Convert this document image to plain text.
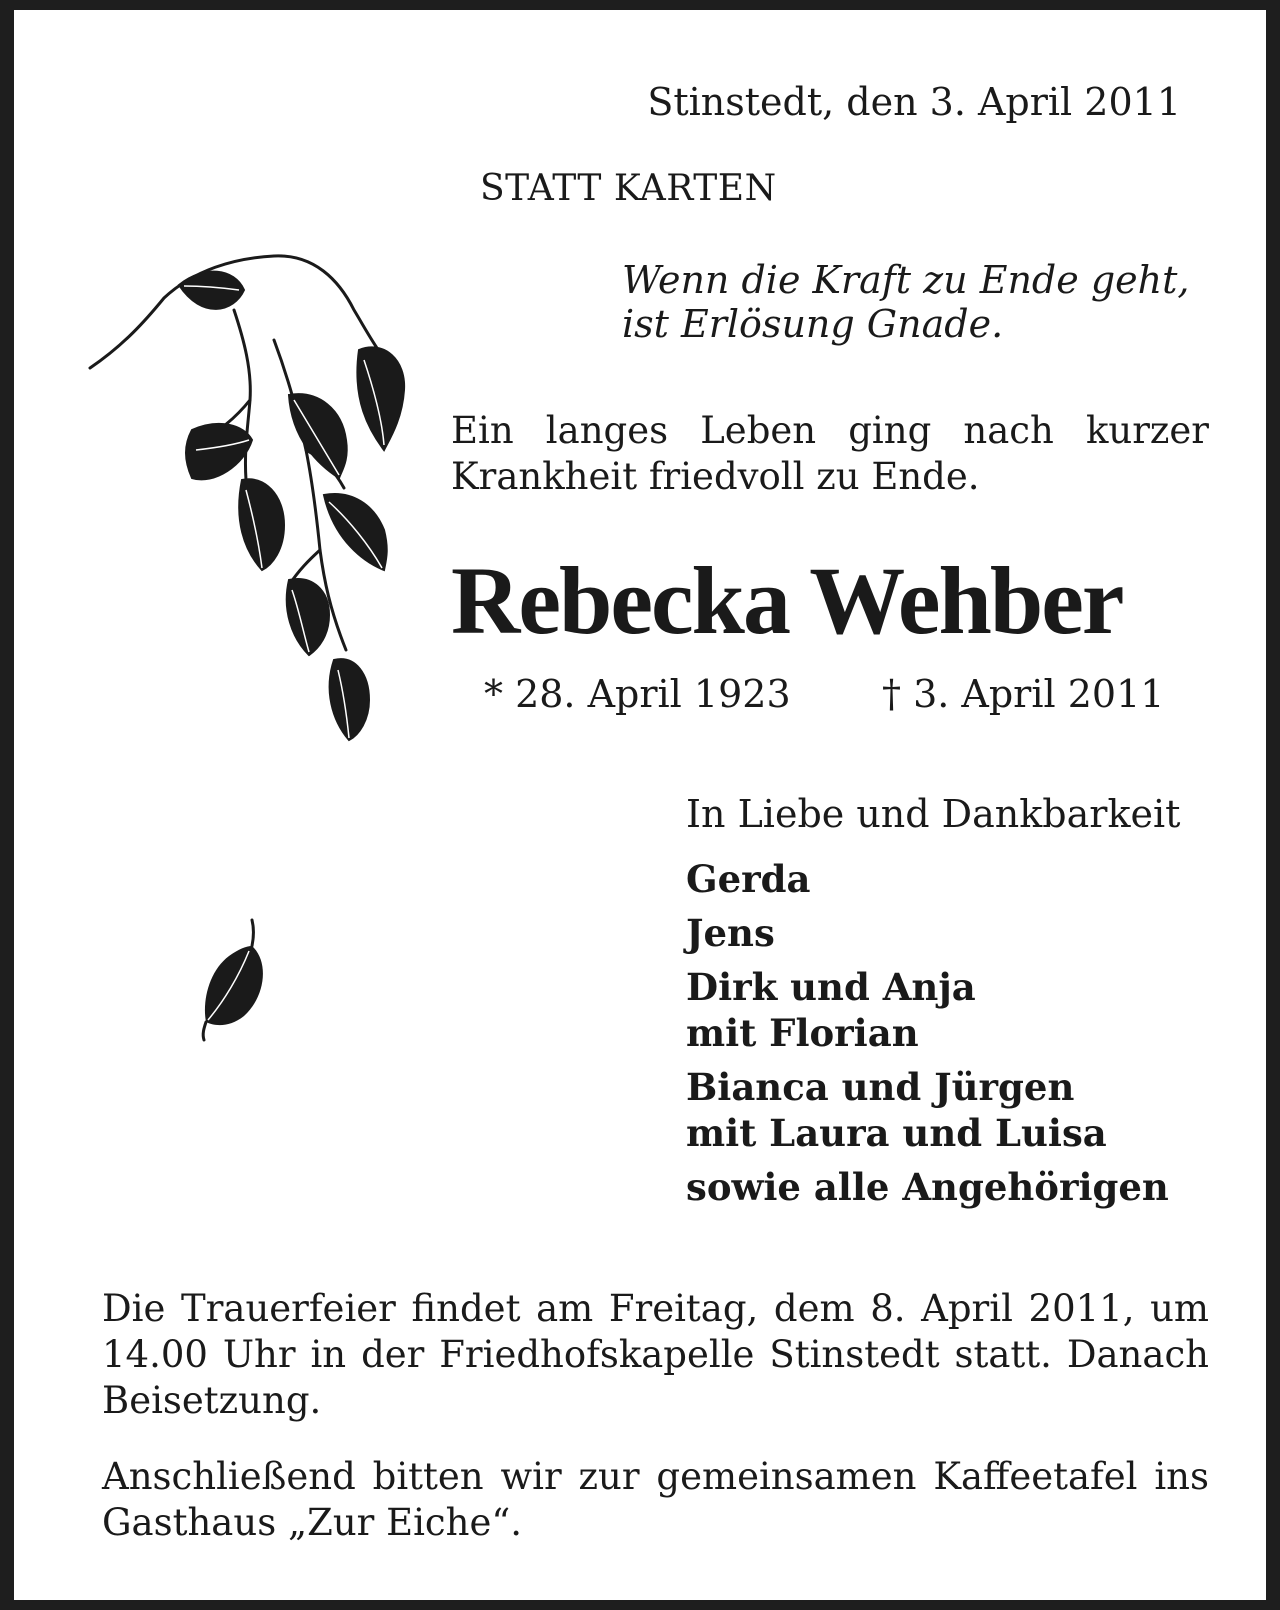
Stinstedt, den 3. April 2011

STATT KARTEN

Wenn die Kraft zu Ende geht,
ist Erlösung Gnade.
Ein langes Leben ging nach kurzer Krankheit friedvoll zu Ende.
Rebecka Wehber

* 28. April 1923 † 3. April 2011

In Liebe und Dankbarkeit

Gerda
Jens
Dirk und Anja
mit Florian
Bianca und Jürgen
mit Laura und Luisa
sowie alle Angehörigen
Die Trauerfeier findet am Freitag, dem 8. April 2011, um 14.00 Uhr in der Friedhofskapelle Stinstedt statt. Danach Beisetzung.
Anschließend bitten wir zur gemeinsamen Kaffeetafel ins Gasthaus „Zur Eiche“.
